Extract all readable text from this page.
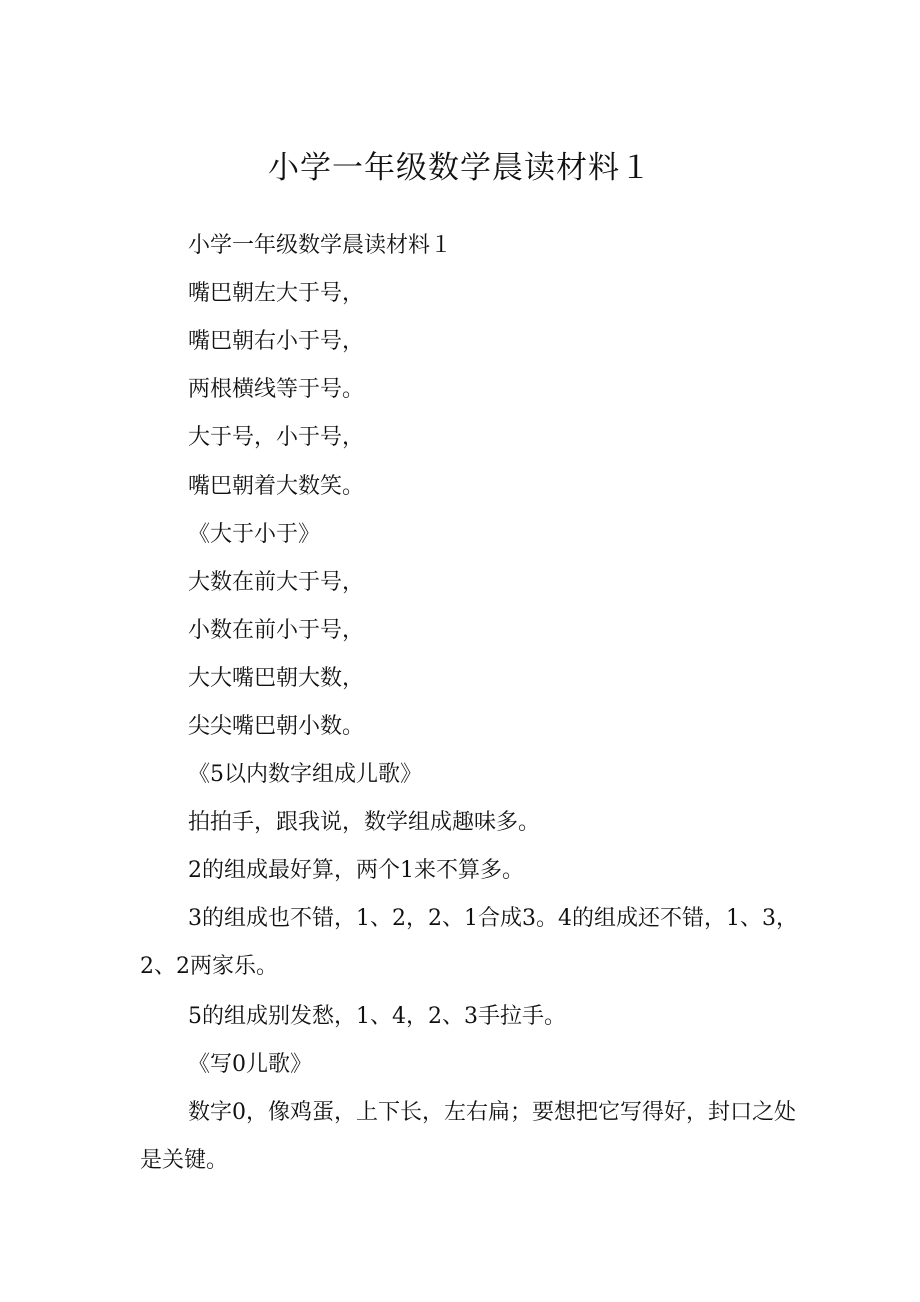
小学一年级数学晨读材料１

小学一年级数学晨读材料１

嘴巴朝左大于号，

嘴巴朝右小于号，

两根横线等于号。

大于号，小于号，

嘴巴朝着大数笑。

《大于小于》

大数在前大于号，

小数在前小于号，

大大嘴巴朝大数，

尖尖嘴巴朝小数。

《5以内数字组成儿歌》

拍拍手，跟我说，数学组成趣味多。

2的组成最好算，两个1来不算多。

3的组成也不错，1、2，2、1合成3。4的组成还不错，1、3，2、2两家乐。

5的组成别发愁，1、4，2、3手拉手。

《写0儿歌》

数字0，像鸡蛋，上下长，左右扁；要想把它写得好，封口之处是关键。
